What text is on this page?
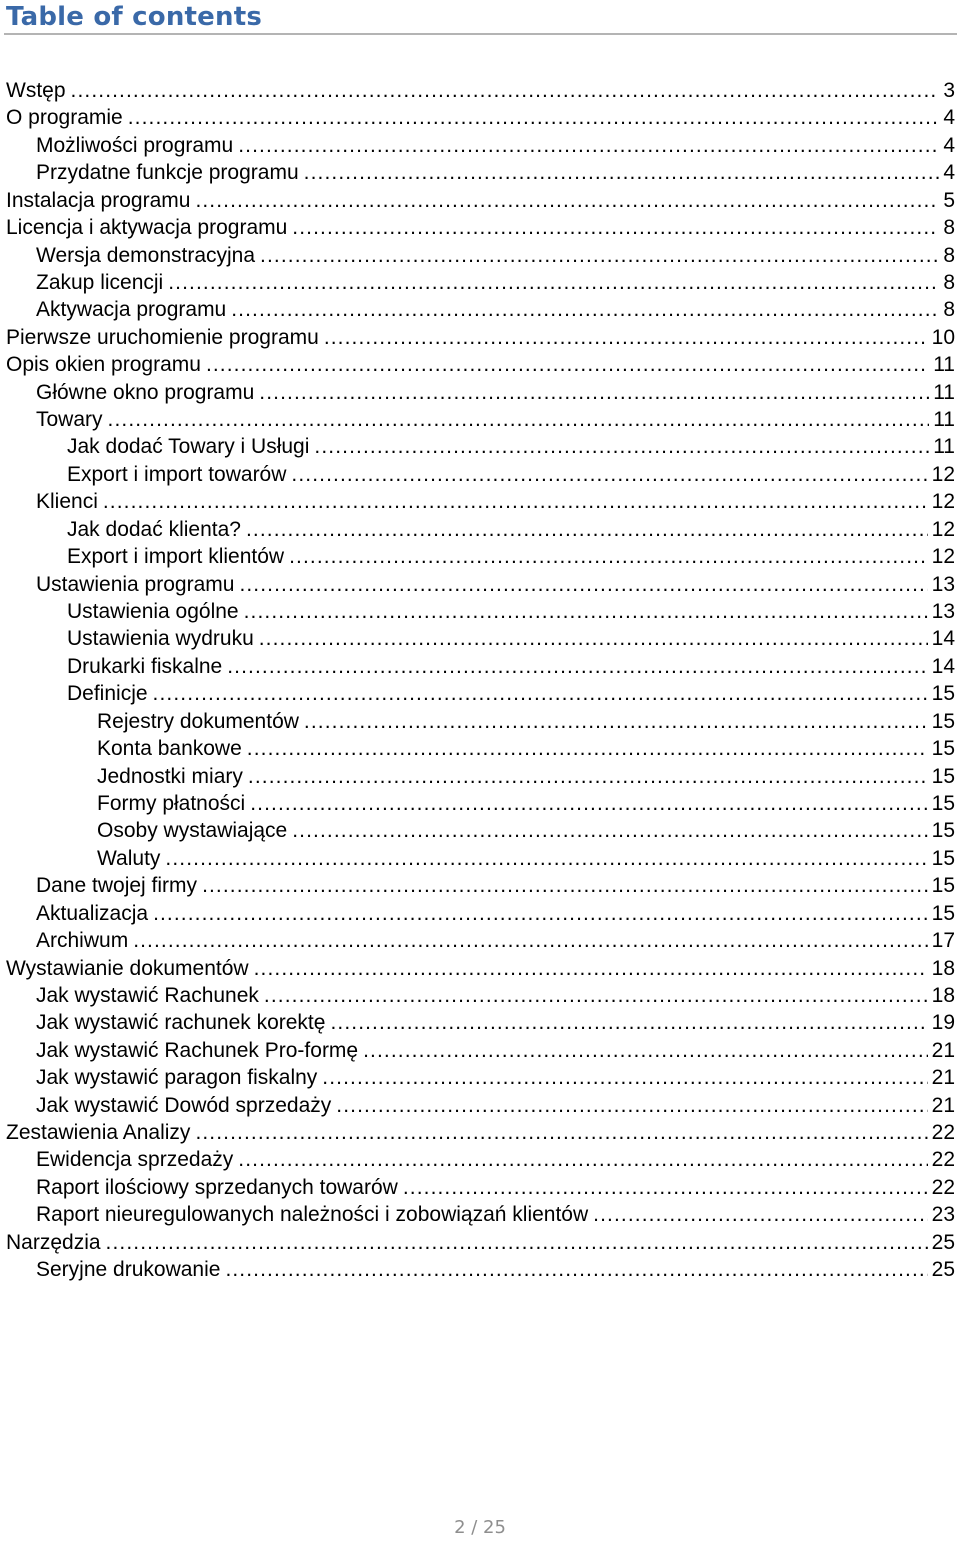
Table of contents
Wstęp .....	3
O programie .....	4
Możliwości programu .....	4
Przydatne funkcje programu .....	4
Instalacja programu .....	5
Licencja i aktywacja programu .....	8
Wersja demonstracyjna .....	8
Zakup licencji .....	8
Aktywacja programu .....	8
Pierwsze uruchomienie programu .....	10
Opis okien programu .....	11
Główne okno programu .....	11
Towary .....	11
Jak dodać Towary i Usługi .....	11
Export i import towarów .....	12
Klienci .....	12
Jak dodać klienta? .....	12
Export i import klientów .....	12
Ustawienia programu .....	13
Ustawienia ogólne .....	13
Ustawienia wydruku .....	14
Drukarki fiskalne .....	14
Definicje .....	15
Rejestry dokumentów .....	15
Konta bankowe .....	15
Jednostki miary .....	15
Formy płatności .....	15
Osoby wystawiające .....	15
Waluty .....	15
Dane twojej firmy .....	15
Aktualizacja .....	15
Archiwum .....	17
Wystawianie dokumentów .....	18
Jak wystawić Rachunek .....	18
Jak wystawić rachunek korektę .....	19
Jak wystawić Rachunek Pro-formę .....	21
Jak wystawić paragon fiskalny .....	21
Jak wystawić Dowód sprzedaży .....	21
Zestawienia Analizy .....	22
Ewidencja sprzedaży .....	22
Raport ilościowy sprzedanych towarów .....	22
Raport nieuregulowanych należności i zobowiązań klientów .....	23
Narzędzia .....	25
Seryjne drukowanie .....	25
2 / 25
